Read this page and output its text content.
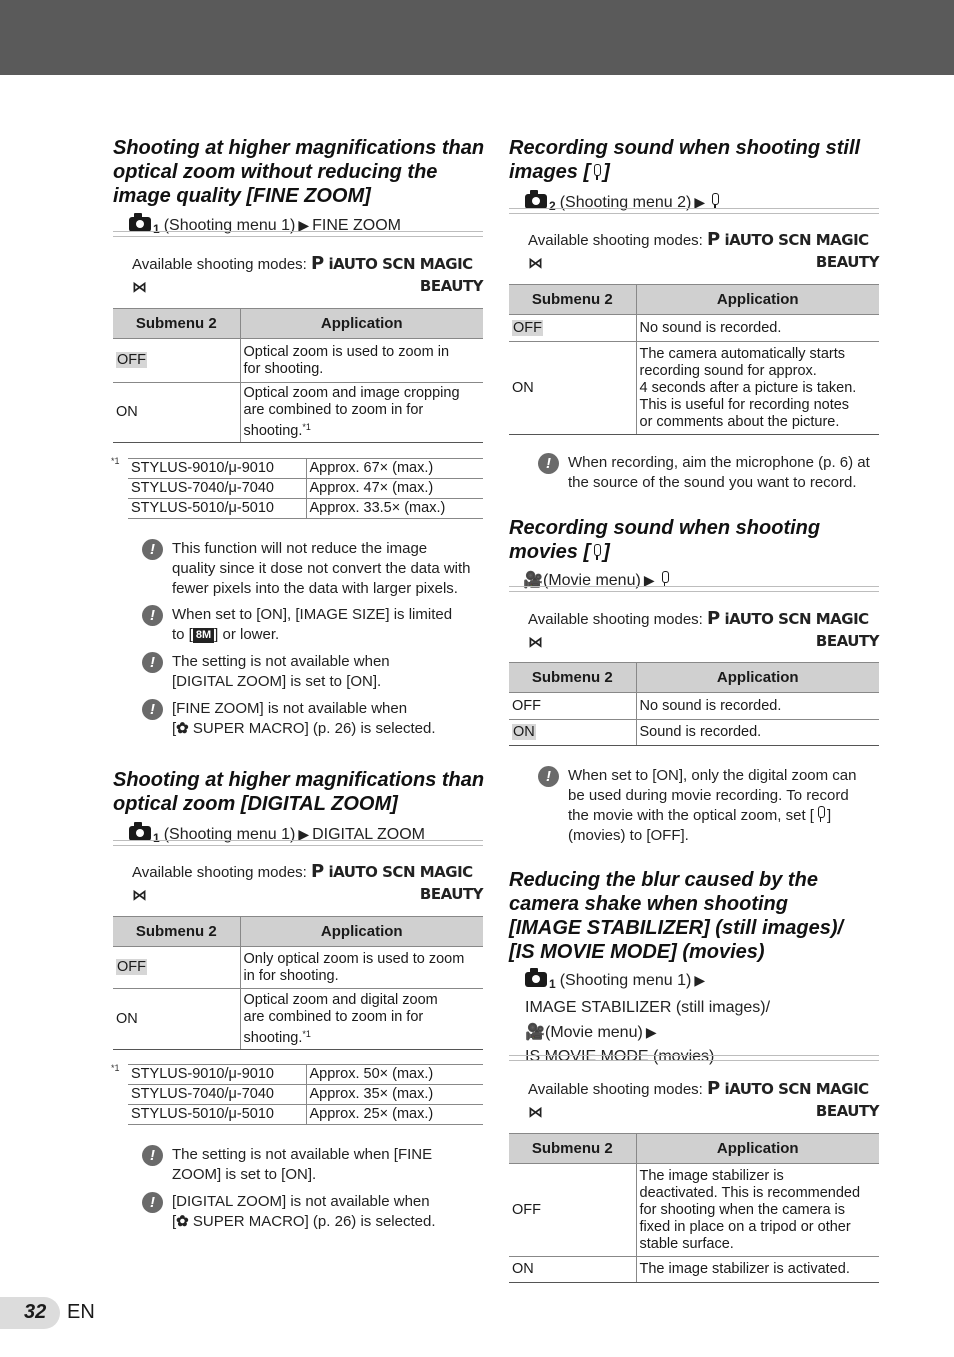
Shooting at higher magnifications than
optical zoom without reducing the
image quality [FINE ZOOM]
1 (Shooting menu 1) ▶ FINE ZOOM
Available shooting modes: P iAUTO SCN MAGIC ⋈	BEAUTY
Submenu 2	Application
OFF	Optical zoom is used to zoom in
for shooting.
ON	Optical zoom and image cropping
are combined to zoom in for
shooting.$^{*1}$
*1 STYLUS-9010/μ-9010	Approx. 67× (max.)
STYLUS-7040/μ-7040	Approx. 47× (max.)
STYLUS-5010/μ-5010	Approx. 33.5× (max.)
!	This function will not reduce the image
quality since it dose not convert the data with
fewer pixels into the data with larger pixels.
!	When set to [ON], [IMAGE SIZE] is limited
to [ 8M ] or lower.
!	The setting is not available when
[DIGITAL ZOOM] is set to [ON].
!	[FINE ZOOM] is not available when
[✿ SUPER MACRO] (p. 26) is selected.
Shooting at higher magnifications than
optical zoom [DIGITAL ZOOM]
1 (Shooting menu 1) ▶ DIGITAL ZOOM
Available shooting modes: P iAUTO SCN MAGIC ⋈	BEAUTY
Submenu 2	Application
OFF	Only optical zoom is used to zoom
in for shooting.
ON	Optical zoom and digital zoom
are combined to zoom in for
shooting.$^{*1}$
*1 STYLUS-9010/μ-9010	Approx. 50× (max.)
STYLUS-7040/μ-7040	Approx. 35× (max.)
STYLUS-5010/μ-5010	Approx. 25× (max.)
!	The setting is not available when [FINE
ZOOM] is set to [ON].
!	[DIGITAL ZOOM] is not available when
[✿ SUPER MACRO] (p. 26) is selected.
Recording sound when shooting still
images [ ]
2 (Shooting menu 2) ▶
Available shooting modes: P iAUTO SCN MAGIC ⋈	BEAUTY
Submenu 2	Application
OFF	No sound is recorded.
ON	The camera automatically starts
recording sound for approx.
4 seconds after a picture is taken.
This is useful for recording notes
or comments about the picture.
!	When recording, aim the microphone (p. 6) at
the source of the sound you want to record.
Recording sound when shooting
movies [ ]
🎥(Movie menu) ▶
Available shooting modes: P iAUTO SCN MAGIC ⋈	BEAUTY
Submenu 2	Application
OFF	No sound is recorded.
ON	Sound is recorded.
!	When set to [ON], only the digital zoom can
be used during movie recording. To record
the movie with the optical zoom, set [ ] (movies) to [OFF].
Reducing the blur caused by the
camera shake when shooting
[IMAGE STABILIZER] (still images)/
[IS MOVIE MODE] (movies)
1 (Shooting menu 1) ▶
IMAGE STABILIZER (still images)/
🎥(Movie menu) ▶
IS MOVIE MODE (movies)
Available shooting modes: P iAUTO SCN MAGIC ⋈	BEAUTY
Submenu 2	Application
OFF	The image stabilizer is
deactivated. This is recommended
for shooting when the camera is
fixed in place on a tripod or other
stable surface.
ON	The image stabilizer is activated.
32 EN
